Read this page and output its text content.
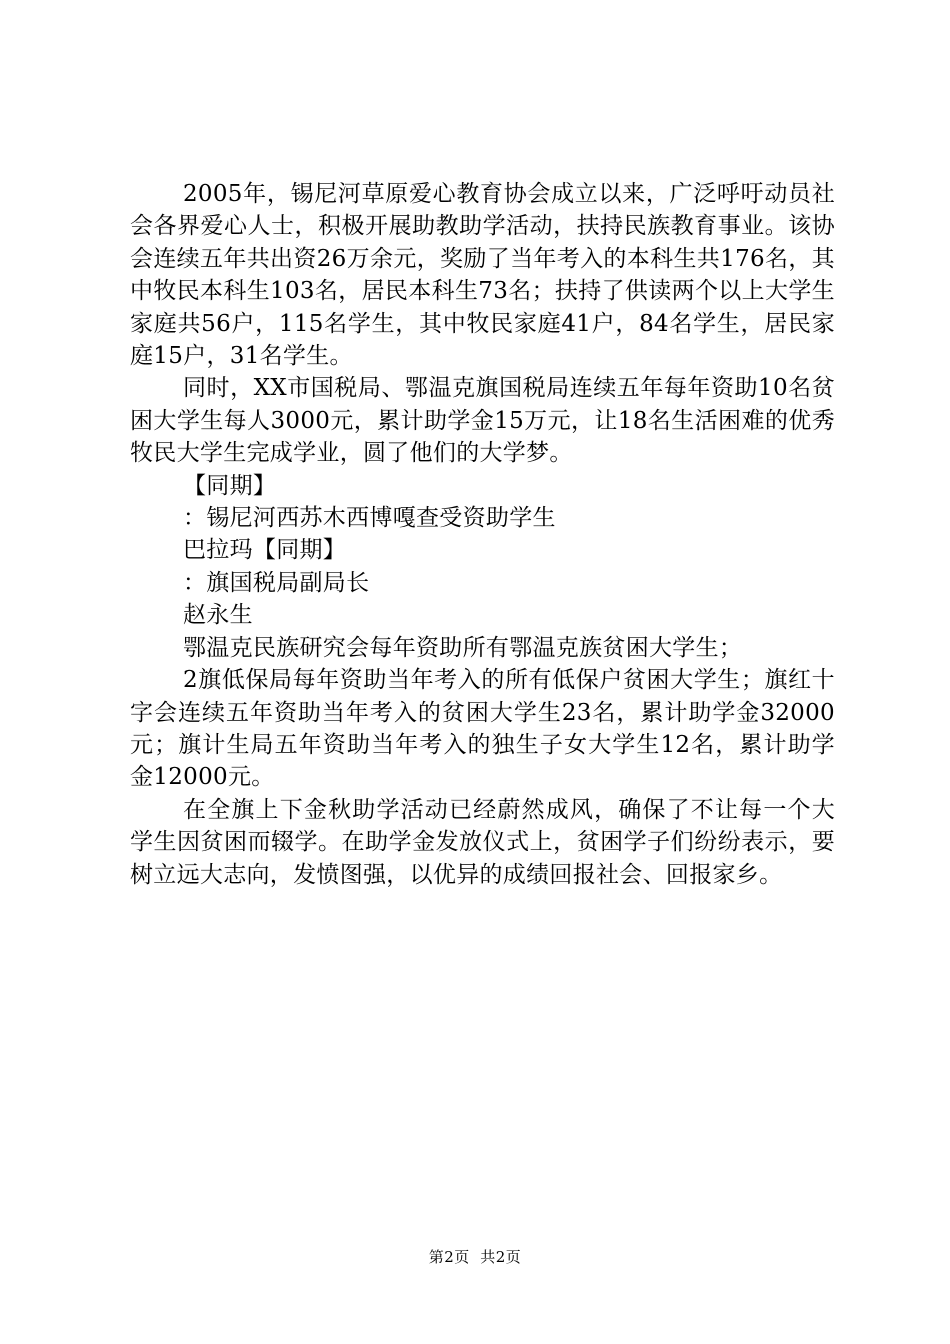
2005年，锡尼河草原爱心教育协会成立以来，广泛呼吁动员社会各界爱心人士，积极开展助教助学活动，扶持民族教育事业。该协会连续五年共出资26万余元，奖励了当年考入的本科生共176名，其中牧民本科生103名，居民本科生73名；扶持了供读两个以上大学生家庭共56户，115名学生，其中牧民家庭41户，84名学生，居民家庭15户，31名学生。

同时，XX市国税局、鄂温克旗国税局连续五年每年资助10名贫困大学生每人3000元，累计助学金15万元，让18名生活困难的优秀牧民大学生完成学业，圆了他们的大学梦。

【同期】

：锡尼河西苏木西博嘎查受资助学生

巴拉玛【同期】

：旗国税局副局长

赵永生

鄂温克民族研究会每年资助所有鄂温克族贫困大学生；

2旗低保局每年资助当年考入的所有低保户贫困大学生；旗红十字会连续五年资助当年考入的贫困大学生23名，累计助学金32000元；旗计生局五年资助当年考入的独生子女大学生12名，累计助学金12000元。

在全旗上下金秋助学活动已经蔚然成风，确保了不让每一个大学生因贫困而辍学。在助学金发放仪式上，贫困学子们纷纷表示，要树立远大志向，发愤图强，以优异的成绩回报社会、回报家乡。

第2页  共2页
